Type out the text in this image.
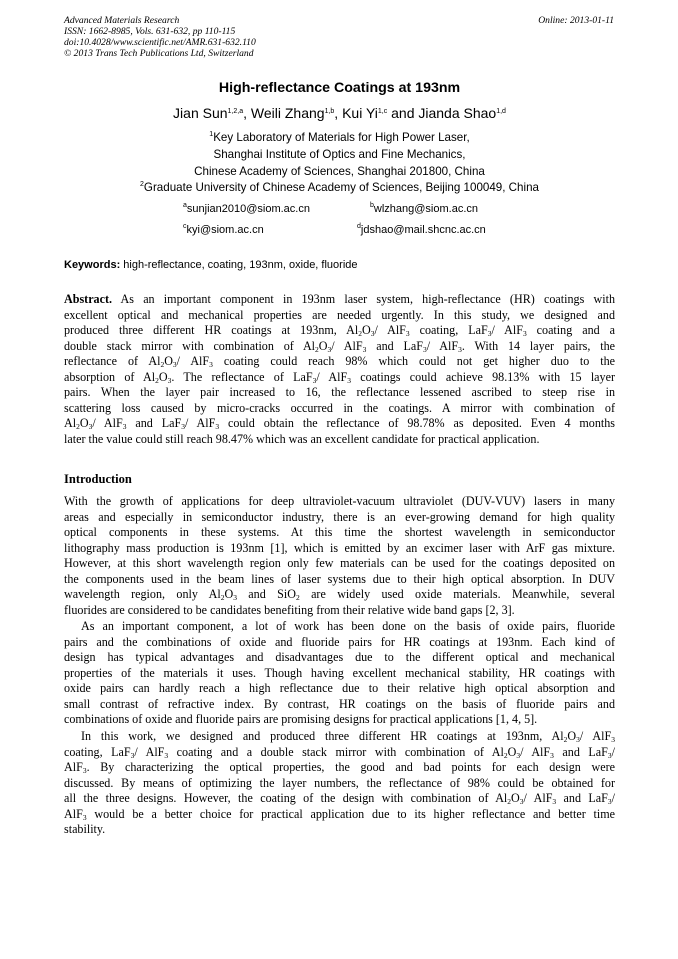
Advanced Materials Research
ISSN: 1662-8985, Vols. 631-632, pp 110-115
doi:10.4028/www.scientific.net/AMR.631-632.110
© 2013 Trans Tech Publications Ltd, Switzerland
Online: 2013-01-11
High-reflectance Coatings at 193nm
Jian Sun$^{1,2,a}$, Weili Zhang$^{1,b}$, Kui Yi$^{1,c}$ and Jianda Shao$^{1,d}$
$^1$Key Laboratory of Materials for High Power Laser,
Shanghai Institute of Optics and Fine Mechanics,
Chinese Academy of Sciences, Shanghai 201800, China
$^2$Graduate University of Chinese Academy of Sciences, Beijing 100049, China
$^a$sunjian2010@siom.ac.cn	$^b$wlzhang@siom.ac.cn
$^c$kyi@siom.ac.cn	$^d$jdshao@mail.shcnc.ac.cn
Keywords: high-reflectance, coating, 193nm, oxide, fluoride
Abstract. As an important component in 193nm laser system, high-reflectance (HR) coatings with
excellent optical and mechanical properties are needed urgently. In this study, we designed and
produced three different HR coatings at 193nm, $Al_2O_3/$ AlF$_3$ coating, LaF$_3$/ AlF$_3$ coating and a
double stack mirror with combination of $Al_2O_3/$ AlF$_3$ and LaF$_3$/ AlF$_3$. With 14 layer pairs, the
reflectance of $Al_2O_3/$ AlF$_3$ coating could reach 98% which could not get higher duo to the
absorption of $Al_2O_3$. The reflectance of LaF$_3$/ AlF$_3$ coatings could achieve 98.13% with 15 layer
pairs. When the layer pair increased to 16, the reflectance lessened ascribed to steep rise in
scattering loss caused by micro-cracks occurred in the coatings. A mirror with combination of
$Al_2O_3/$ AlF$_3$ and LaF$_3$/ AlF$_3$ could obtain the reflectance of 98.78% as deposited. Even 4 months
later the value could still reach 98.47% which was an excellent candidate for practical application.
Introduction
With the growth of applications for deep ultraviolet-vacuum ultraviolet (DUV-VUV) lasers in many
areas and especially in semiconductor industry, there is an ever-growing demand for high quality
optical components in these systems. At this time the shortest wavelength in semiconductor
lithography mass production is 193nm [1], which is emitted by an excimer laser with ArF gas mixture.
However, at this short wavelength region only few materials can be used for the coatings deposited on
the components used in the beam lines of laser systems due to their high optical absorption. In DUV
wavelength region, only $Al_2O_3$ and SiO$_2$ are widely used oxide materials. Meanwhile, several
fluorides are considered to be candidates benefiting from their relative wide band gaps [2, 3].
As an important component, a lot of work has been done on the basis of oxide pairs, fluoride
pairs and the combinations of oxide and fluoride pairs for HR coatings at 193nm. Each kind of
design has typical advantages and disadvantages due to the different optical and mechanical
properties of the materials it uses. Though having excellent mechanical stability, HR coatings with
oxide pairs can hardly reach a high reflectance due to their relative high optical absorption and
small contrast of refractive index. By contrast, HR coatings on the basis of fluoride pairs and
combinations of oxide and fluoride pairs are promising designs for practical applications [1, 4, 5].
In this work, we designed and produced three different HR coatings at 193nm, $Al_2O_3/$ AlF$_3$
coating, LaF$_3$/ AlF$_3$ coating and a double stack mirror with combination of $Al_2O_3/$ AlF$_3$ and LaF$_3$/
AlF$_3$. By characterizing the optical properties, the good and bad points for each design were
discussed. By means of optimizing the layer numbers, the reflectance of 98% could be obtained for
all the three designs. However, the coating of the design with combination of $Al_2O_3/$ AlF$_3$ and LaF$_3$/
AlF$_3$ would be a better choice for practical application due to its higher reflectance and better time
stability.
